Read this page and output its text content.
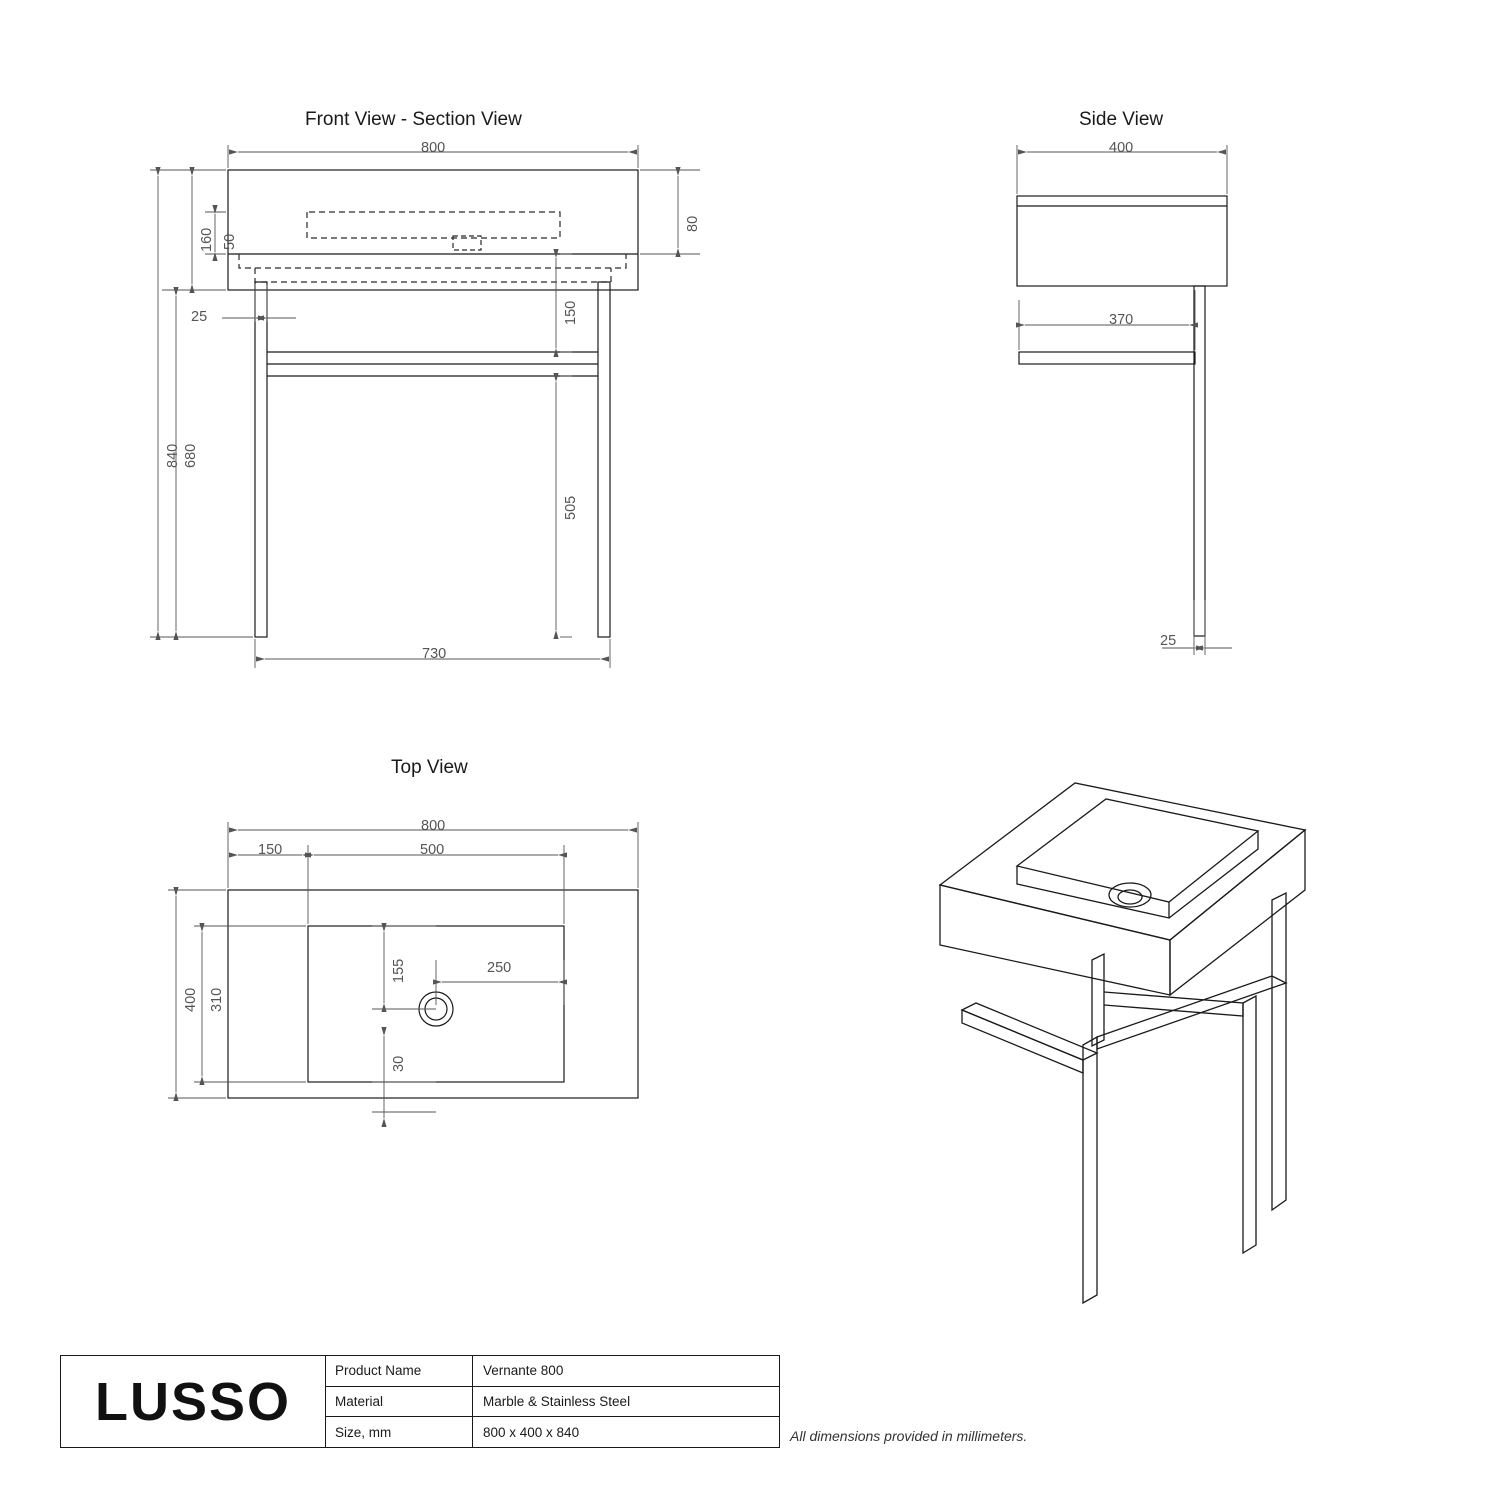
Front View - Section View	Side View
Top View
800
160 50
80
25	150
840 680
505
730
400
370
25
800
150	500
400 310
155
30
250
LUSSO
Product Name	Vernante 800
Material	Marble & Stainless Steel
Size, mm	800 x 400 x 840	All dimensions provided in millimeters.
